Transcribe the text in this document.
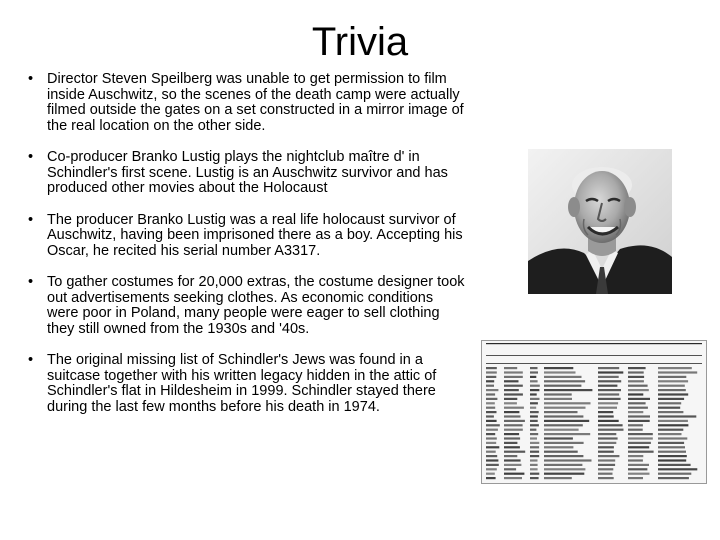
Trivia
• Director Steven Speilberg was unable to get permission to film inside Auschwitz, so the scenes of the death camp were actually filmed outside the gates on a set constructed in a mirror image of the real location on the other side.
• Co-producer Branko Lustig plays the nightclub maître d' in Schindler's first scene. Lustig is an Auschwitz survivor and has produced other movies about the Holocaust
• The producer Branko Lustig was a real life holocaust survivor of Auschwitz, having been imprisoned there as a boy. Accepting his Oscar, he recited his serial number A3317.
• To gather costumes for 20,000 extras, the costume designer took out advertisements seeking clothes. As economic conditions were poor in Poland, many people were eager to sell clothing they still owned from the 1930s and '40s.
• The original missing list of Schindler's Jews was found in a suitcase together with his written legacy hidden in the attic of Schindler's flat in Hildesheim in 1999. Schindler stayed there during the last few months before his death in 1974.
